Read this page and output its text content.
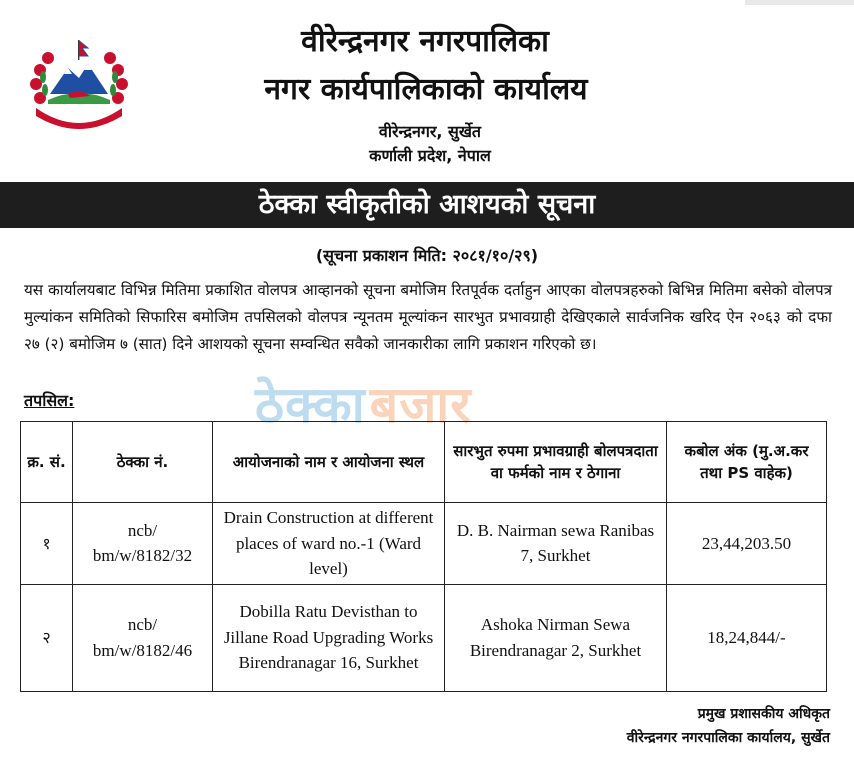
वीरेन्द्रनगर नगरपालिका
वीरेन्द्रनगर नगरपालिका
नगर कार्यपालिकाको कार्यालय
वीरेन्द्रनगर, सुर्खेत
कर्णाली प्रदेश, नेपाल
ठेक्का स्वीकृतीको आशयको सूचना
(सूचना प्रकाशन मिति: २०८१/१०/२९)
यस कार्यालयबाट विभिन्न मितिमा प्रकाशित वोलपत्र आव्हानको सूचना बमोजिम रितपूर्वक दर्ताहुन आएका वोलपत्रहरुको बिभिन्न मितिमा बसेको वोलपत्र मुल्यांकन समितिको सिफारिस बमोजिम तपसिलको वोलपत्र न्यूनतम मूल्यांकन सारभुत प्रभावग्राही देखिएकाले सार्वजनिक खरिद ऐन २०६३ को दफा २७ (२) बमोजिम ७ (सात) दिने आशयको सूचना सम्वन्धित सवैको जानकारीका लागि प्रकाशन गरिएको छ।
ठेक्काबजार
तपसिल:
क्र. सं.	ठेक्का नं.	आयोजनाको नाम र आयोजना स्थल	सारभुत रुपमा प्रभावग्राही बोलपत्रदाता वा फर्मको नाम र ठेगाना	कबोल अंक (मु.अ.कर तथा PS वाहेक)
१	ncb/ bm/w/8182/32	Drain Construction at different places of ward no.-1 (Ward level)	D. B. Nairman sewa Ranibas 7, Surkhet	23,44,203.50
२	ncb/ bm/w/8182/46	Dobilla Ratu Devisthan to Jillane Road Upgrading Works Birendranagar 16, Surkhet	Ashoka Nirman Sewa Birendranagar 2, Surkhet	18,24,844/-
प्रमुख प्रशासकीय अधिकृत
वीरेन्द्रनगर नगरपालिका कार्यालय, सुर्खेत
